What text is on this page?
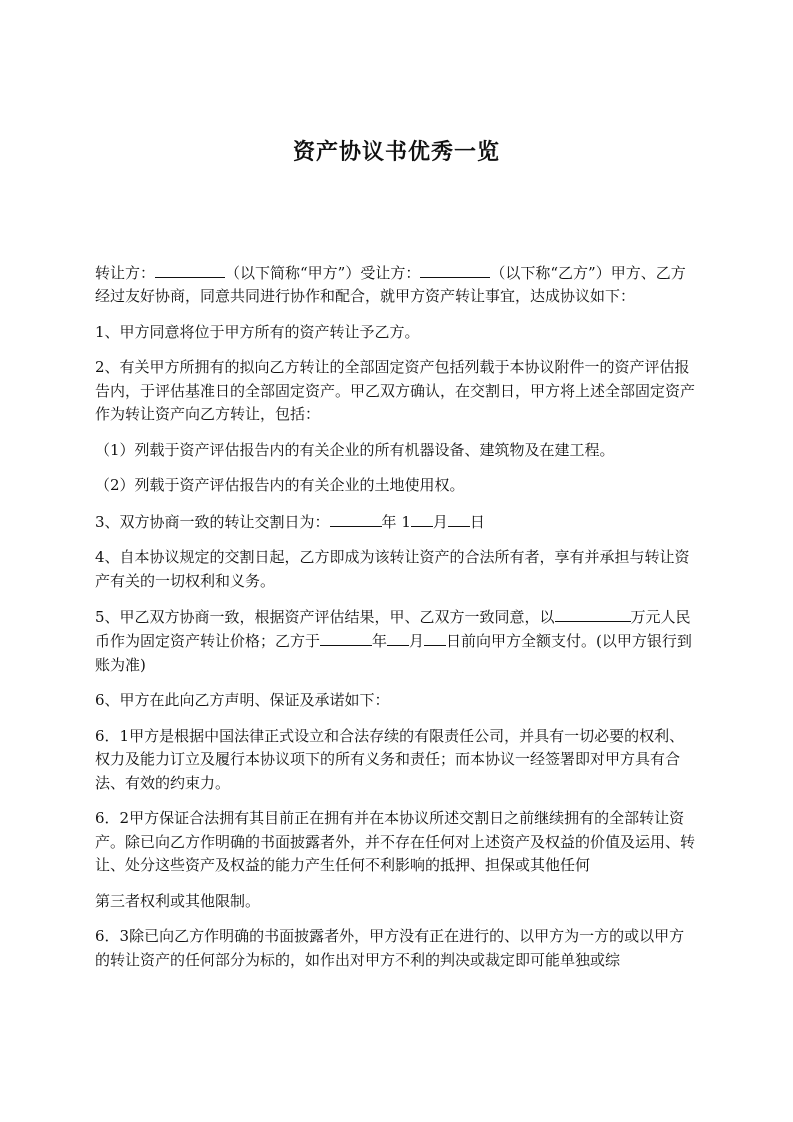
资产协议书优秀一览

转让方：	（以下简称“甲方”）受让方：	（以下称“乙方”）甲方、乙方经过友好协商，同意共同进行协作和配合，就甲方资产转让事宜，达成协议如下：

1、甲方同意将位于甲方所有的资产转让予乙方。

2、有关甲方所拥有的拟向乙方转让的全部固定资产包括列载于本协议附件一的资产评估报告内，于评估基准日的全部固定资产。甲乙双方确认，在交割日，甲方将上述全部固定资产作为转让资产向乙方转让，包括：

（1）列载于资产评估报告内的有关企业的所有机器设备、建筑物及在建工程。

（2）列载于资产评估报告内的有关企业的土地使用权。

3、双方协商一致的转让交割日为：	年 1 月 日

4、自本协议规定的交割日起，乙方即成为该转让资产的合法所有者，享有并承担与转让资产有关的一切权利和义务。

5、甲乙双方协商一致，根据资产评估结果，甲、乙双方一致同意，以	万元人民币作为固定资产转让价格；乙方于	年 月 日前向甲方全额支付。(以甲方银行到账为准)

6、甲方在此向乙方声明、保证及承诺如下：

6．1甲方是根据中国法律正式设立和合法存续的有限责任公司，并具有一切必要的权利、权力及能力订立及履行本协议项下的所有义务和责任；而本协议一经签署即对甲方具有合法、有效的约束力。

6．2甲方保证合法拥有其目前正在拥有并在本协议所述交割日之前继续拥有的全部转让资产。除已向乙方作明确的书面披露者外，并不存在任何对上述资产及权益的价值及运用、转让、处分这些资产及权益的能力产生任何不利影响的抵押、担保或其他任何

第三者权利或其他限制。

6．3除已向乙方作明确的书面披露者外，甲方没有正在进行的、以甲方为一方的或以甲方的转让资产的任何部分为标的，如作出对甲方不利的判决或裁定即可能单独或综
